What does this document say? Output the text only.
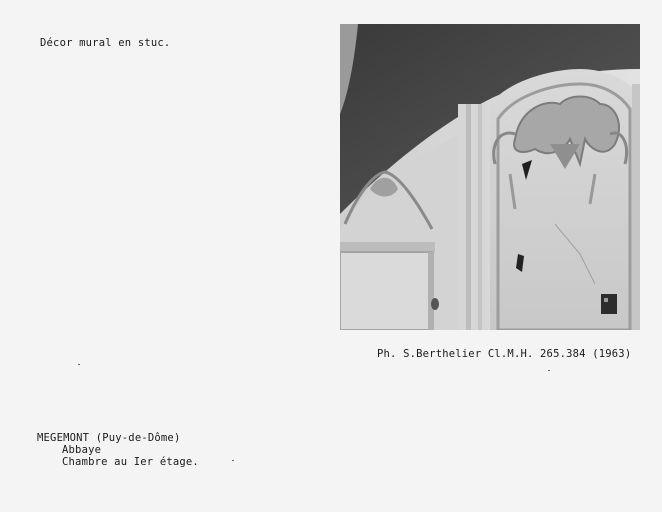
Décor mural en stuc.
Ph. S.Berthelier Cl.M.H. 265.384 (1963)
MEGEMONT (Puy-de-Dôme)
Abbaye
Chambre au Ier étage.
